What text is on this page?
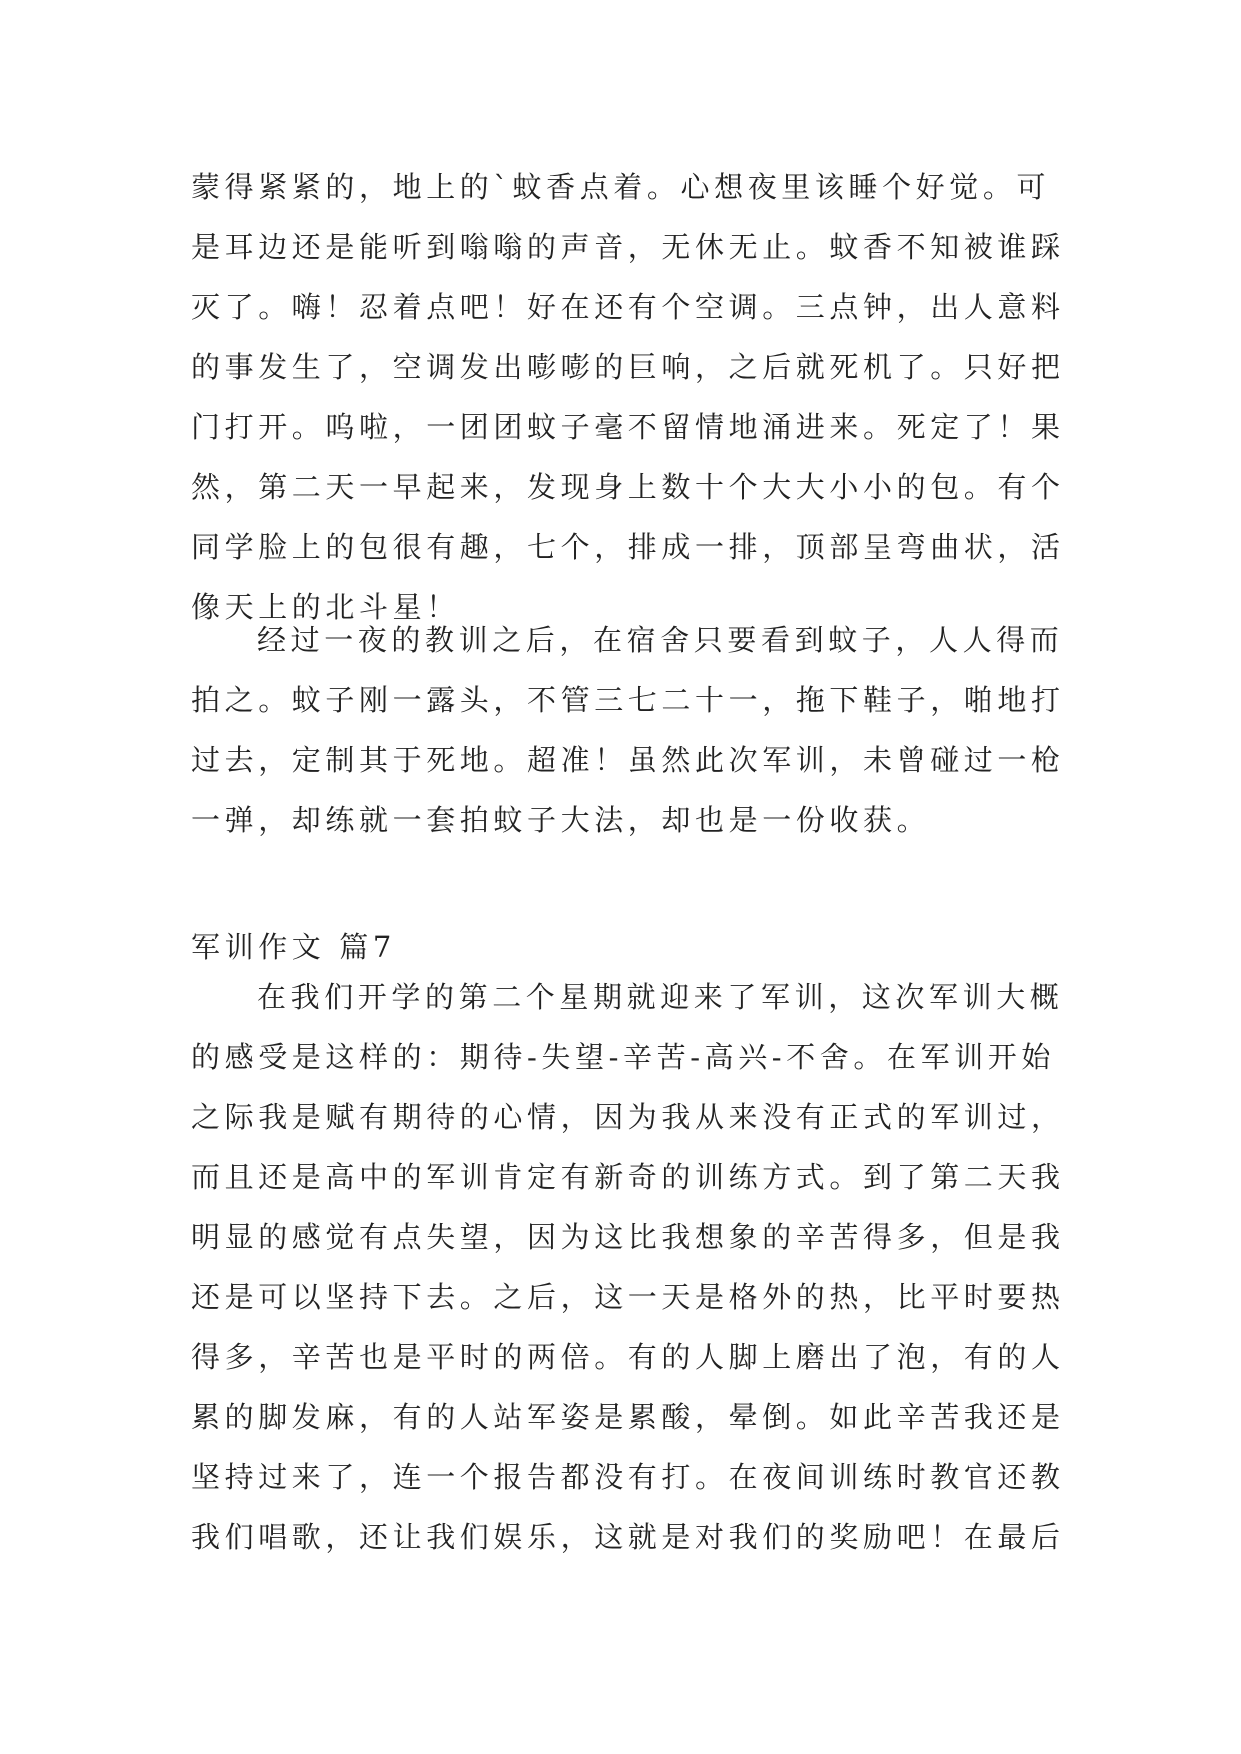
蒙得紧紧的，地上的`蚊香点着。心想夜里该睡个好觉。可
是耳边还是能听到嗡嗡的声音，无休无止。蚊香不知被谁踩
灭了。嗨！忍着点吧！好在还有个空调。三点钟，出人意料
的事发生了，空调发出嘭嘭的巨响，之后就死机了。只好把
门打开。呜啦，一团团蚊子毫不留情地涌进来。死定了！果
然，第二天一早起来，发现身上数十个大大小小的包。有个
同学脸上的包很有趣，七个，排成一排，顶部呈弯曲状，活
像天上的北斗星！
经过一夜的教训之后，在宿舍只要看到蚊子，人人得而
拍之。蚊子刚一露头，不管三七二十一，拖下鞋子，啪地打
过去，定制其于死地。超准！虽然此次军训，未曾碰过一枪
一弹，却练就一套拍蚊子大法，却也是一份收获。
军训作文 篇7
在我们开学的第二个星期就迎来了军训，这次军训大概
的感受是这样的：期待-失望-辛苦-高兴-不舍。在军训开始
之际我是赋有期待的心情，因为我从来没有正式的军训过，
而且还是高中的军训肯定有新奇的训练方式。到了第二天我
明显的感觉有点失望，因为这比我想象的辛苦得多，但是我
还是可以坚持下去。之后，这一天是格外的热，比平时要热
得多，辛苦也是平时的两倍。有的人脚上磨出了泡，有的人
累的脚发麻，有的人站军姿是累酸，晕倒。如此辛苦我还是
坚持过来了，连一个报告都没有打。在夜间训练时教官还教
我们唱歌，还让我们娱乐，这就是对我们的奖励吧！在最后
